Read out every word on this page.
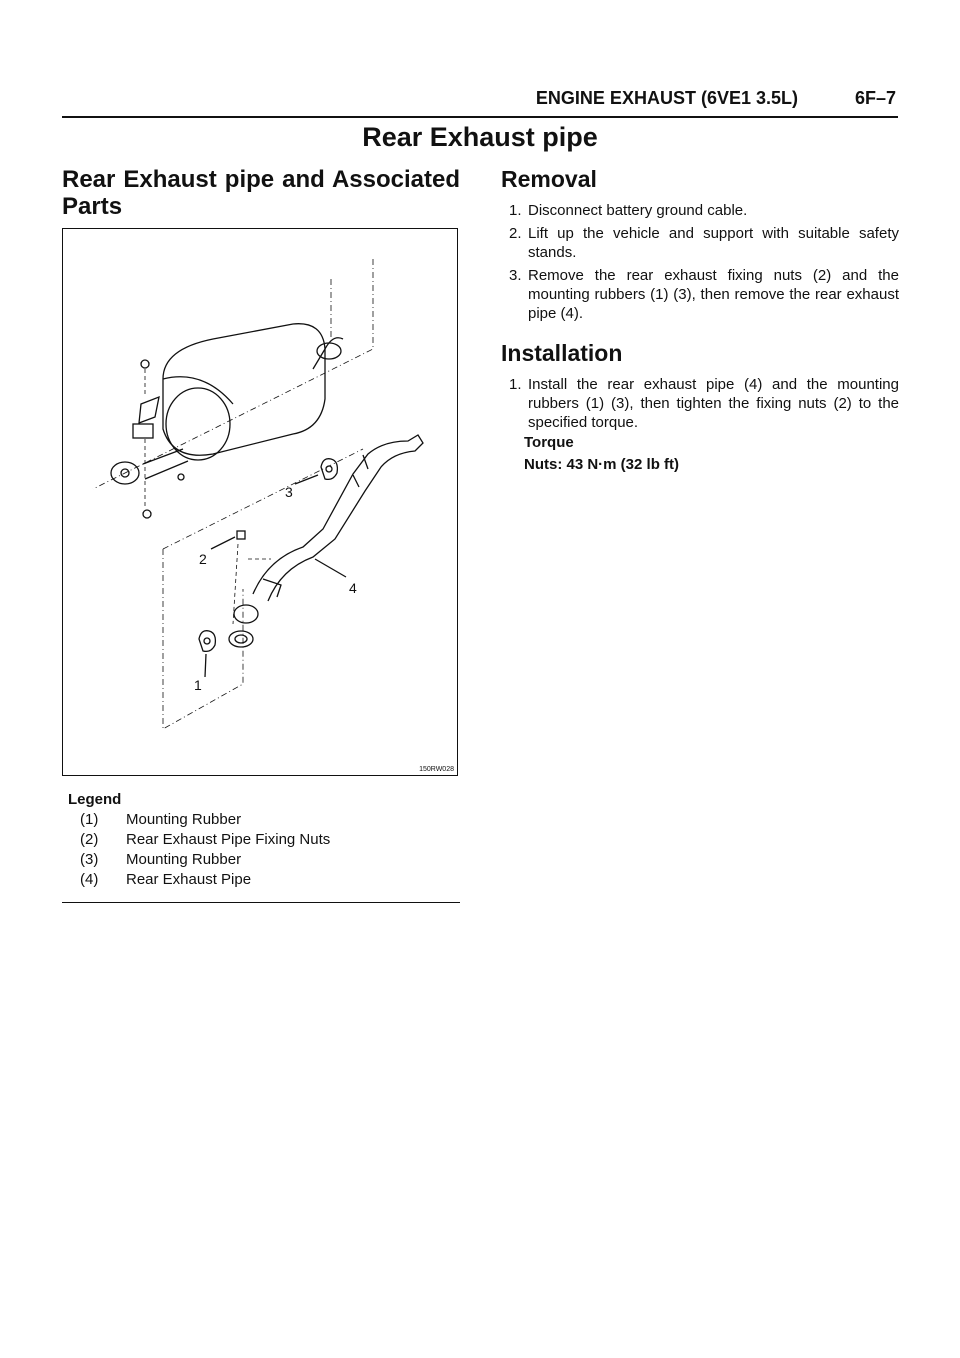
ENGINE EXHAUST (6VE1 3.5L)	6F–7
Rear Exhaust pipe
Rear Exhaust pipe and Associated Parts
2
3
4
1
150RW028
Legend
(1)	Mounting Rubber
(2)	Rear Exhaust Pipe Fixing Nuts
(3)	Mounting Rubber
(4)	Rear Exhaust Pipe
Removal
1. Disconnect battery ground cable.
2. Lift up the vehicle and support with suitable safety stands.
3. Remove the rear exhaust fixing nuts (2) and the mounting rubbers (1) (3), then remove the rear exhaust pipe (4).
Installation
1. Install the rear exhaust pipe (4) and the mounting rubbers (1) (3), then tighten the fixing nuts (2) to the specified torque.
Torque
Nuts: 43 N·m (32 lb ft)
